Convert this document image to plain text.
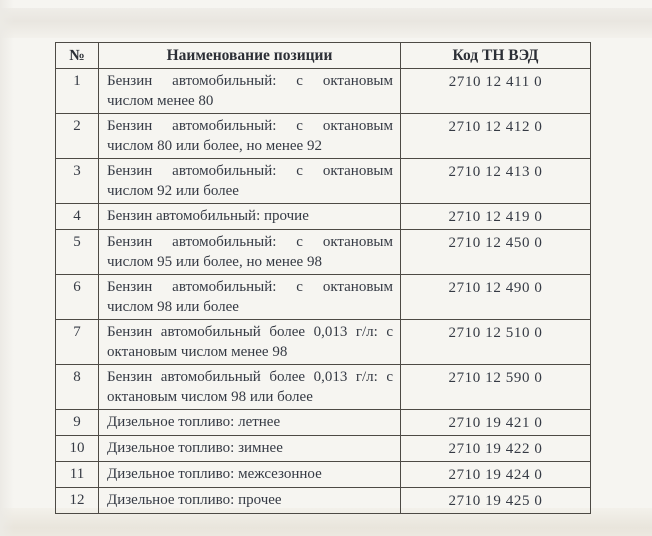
№	Наименование позиции	Код ТН ВЭД
1	Бензин автомобильный: с октановым числом менее 80	2710 12 411 0
2	Бензин автомобильный: с октановым числом 80 или более, но менее 92	2710 12 412 0
3	Бензин автомобильный: с октановым числом 92 или более	2710 12 413 0
4	Бензин автомобильный: прочие	2710 12 419 0
5	Бензин автомобильный: с октановым числом 95 или более, но менее 98	2710 12 450 0
6	Бензин автомобильный: с октановым числом 98 или более	2710 12 490 0
7	Бензин автомобильный более 0,013 г/л: с октановым числом менее 98	2710 12 510 0
8	Бензин автомобильный более 0,013 г/л: с октановым числом 98 или более	2710 12 590 0
9	Дизельное топливо: летнее	2710 19 421 0
10	Дизельное топливо: зимнее	2710 19 422 0
11	Дизельное топливо: межсезонное	2710 19 424 0
12	Дизельное топливо: прочее	2710 19 425 0
